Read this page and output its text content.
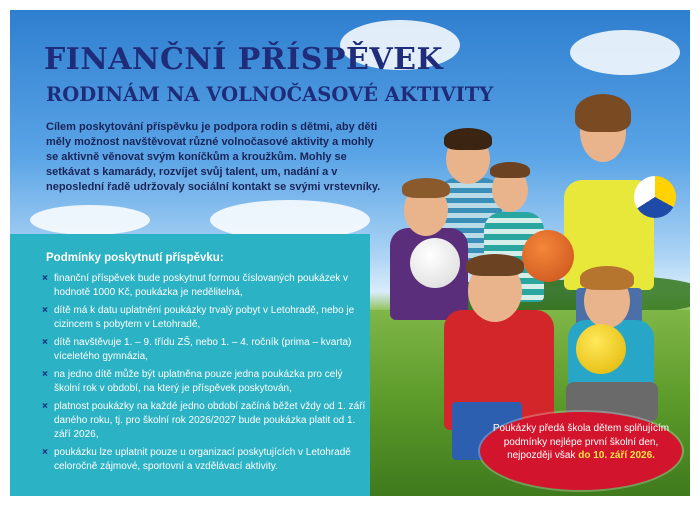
FINANČNÍ PŘÍSPĚVEK
RODINÁM NA VOLNOČASOVÉ AKTIVITY

Cílem poskytování příspěvku je podpora rodin s dětmi, aby děti měly možnost navštěvovat různé volnočasové aktivity a mohly se aktivně věnovat svým koníčkům a kroužkům. Mohly se setkávat s kamarády, rozvíjet svůj talent, um, nadání a v neposlední řadě udržovaly sociální kontakt se svými vrstevníky.

Podmínky poskytnutí příspěvku:
× finanční příspěvek bude poskytnut formou číslovaných poukázek v hodnotě 1000 Kč, poukázka je nedělitelná,
× dítě má k datu uplatnění poukázky trvalý pobyt v Letohradě, nebo je cizincem s pobytem v Letohradě,
× dítě navštěvuje 1. – 9. třídu ZŠ, nebo 1. – 4. ročník (prima – kvarta) víceletého gymnázia,
× na jedno dítě může být uplatněna pouze jedna poukázka pro celý školní rok v období, na který je příspěvek poskytován,
× platnost poukázky na každé jedno období začíná běžet vždy od 1. září daného roku, tj. pro školní rok 2026/2027 bude poukázka platit od 1. září 2026,
× poukázku lze uplatnit pouze u organizací poskytujících v Letohradě celoročně zájmové, sportovní a vzdělávací aktivity.
Poukázky předá škola dětem splňujícím podmínky nejlépe první školní den, nejpozději však do 10. září 2026.
